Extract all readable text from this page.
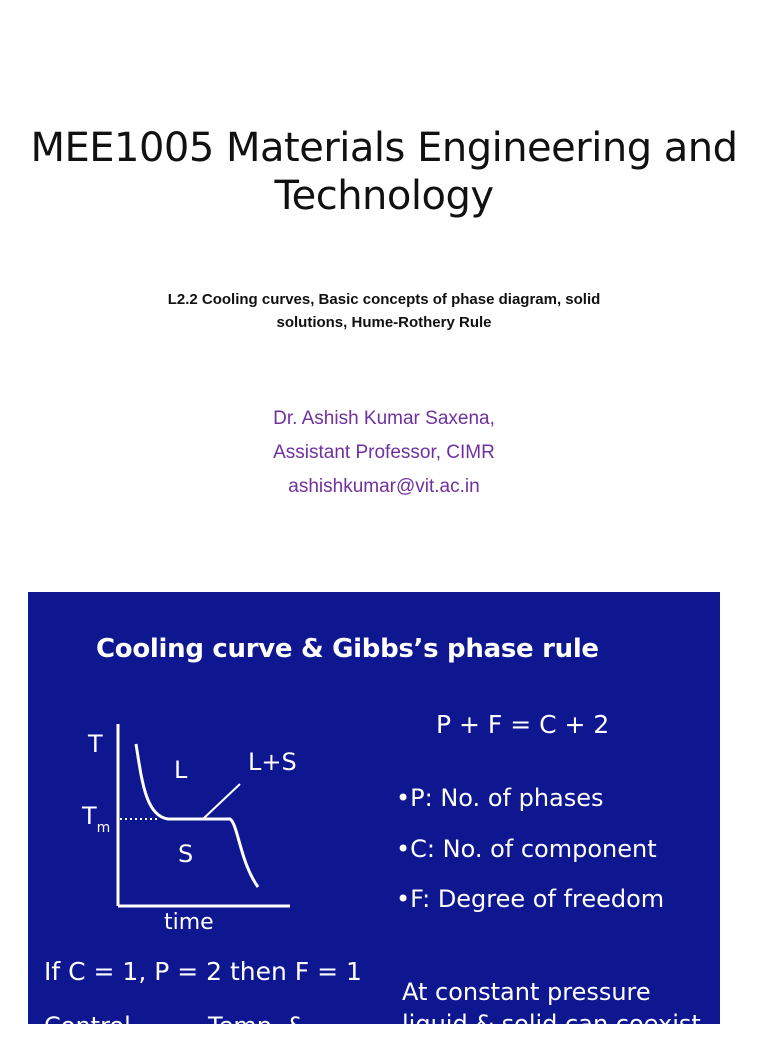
MEE1005 Materials Engineering and Technology
L2.2 Cooling curves, Basic concepts of phase diagram, solid solutions, Hume-Rothery Rule
Dr. Ashish Kumar Saxena,
Assistant Professor, CIMR
ashishkumar@vit.ac.in
Cooling curve & Gibbs’s phase rule
T
$T_m$
L	L+S
S
time
P + F = C + 2
•P: No. of phases
•C: No. of component
•F: Degree of freedom
If C = 1, P = 2 then F = 1
At constant pressure
liquid & solid can coexist
Control	Temp. &
